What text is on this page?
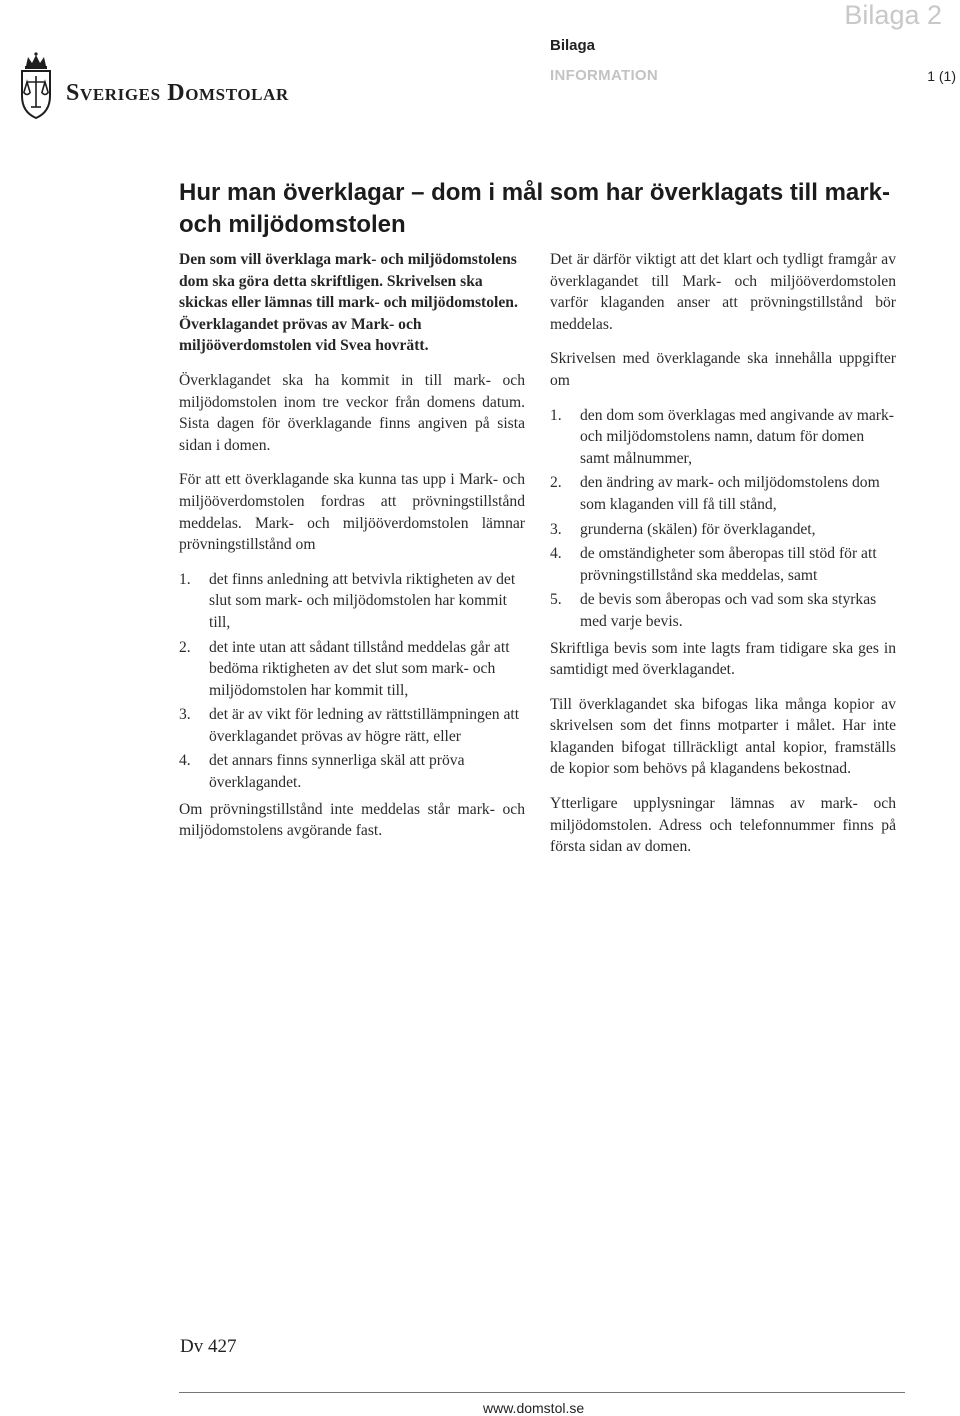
Bilaga 2
Bilaga
INFORMATION	1 (1)
Sveriges Domstolar
Hur man överklagar – dom i mål som har överklagats till mark- och miljödomstolen

Den som vill överklaga mark- och miljödomstolens dom ska göra detta skriftligen. Skrivelsen ska skickas eller lämnas till mark- och miljödomstolen. Överklagandet prövas av Mark- och miljööverdomstolen vid Svea hovrätt.

Överklagandet ska ha kommit in till mark- och miljödomstolen inom tre veckor från domens datum. Sista dagen för överklagande finns angiven på sista sidan i domen.

För att ett överklagande ska kunna tas upp i Mark- och miljööverdomstolen fordras att prövningstillstånd meddelas. Mark- och miljööverdomstolen lämnar prövningstillstånd om

1. det finns anledning att betvivla riktigheten av det slut som mark- och miljödomstolen har kommit till,
2. det inte utan att sådant tillstånd meddelas går att bedöma riktigheten av det slut som mark- och miljödomstolen har kommit till,
3. det är av vikt för ledning av rättstillämpningen att överklagandet prövas av högre rätt, eller
4. det annars finns synnerliga skäl att pröva överklagandet.

Om prövningstillstånd inte meddelas står mark- och miljödomstolens avgörande fast.

Det är därför viktigt att det klart och tydligt framgår av överklagandet till Mark- och miljööverdomstolen varför klaganden anser att prövningstillstånd bör meddelas.

Skrivelsen med överklagande ska innehålla uppgifter om

1. den dom som överklagas med angivande av mark- och miljödomstolens namn, datum för domen samt målnummer,
2. den ändring av mark- och miljödomstolens dom som klaganden vill få till stånd,
3. grunderna (skälen) för överklagandet,
4. de omständigheter som åberopas till stöd för att prövningstillstånd ska meddelas, samt
5. de bevis som åberopas och vad som ska styrkas med varje bevis.

Skriftliga bevis som inte lagts fram tidigare ska ges in samtidigt med överklagandet.

Till överklagandet ska bifogas lika många kopior av skrivelsen som det finns motparter i målet. Har inte klaganden bifogat tillräckligt antal kopior, framställs de kopior som behövs på klagandens bekostnad.

Ytterligare upplysningar lämnas av mark- och miljödomstolen. Adress och telefonnummer finns på första sidan av domen.

Dv 427
www.domstol.se
